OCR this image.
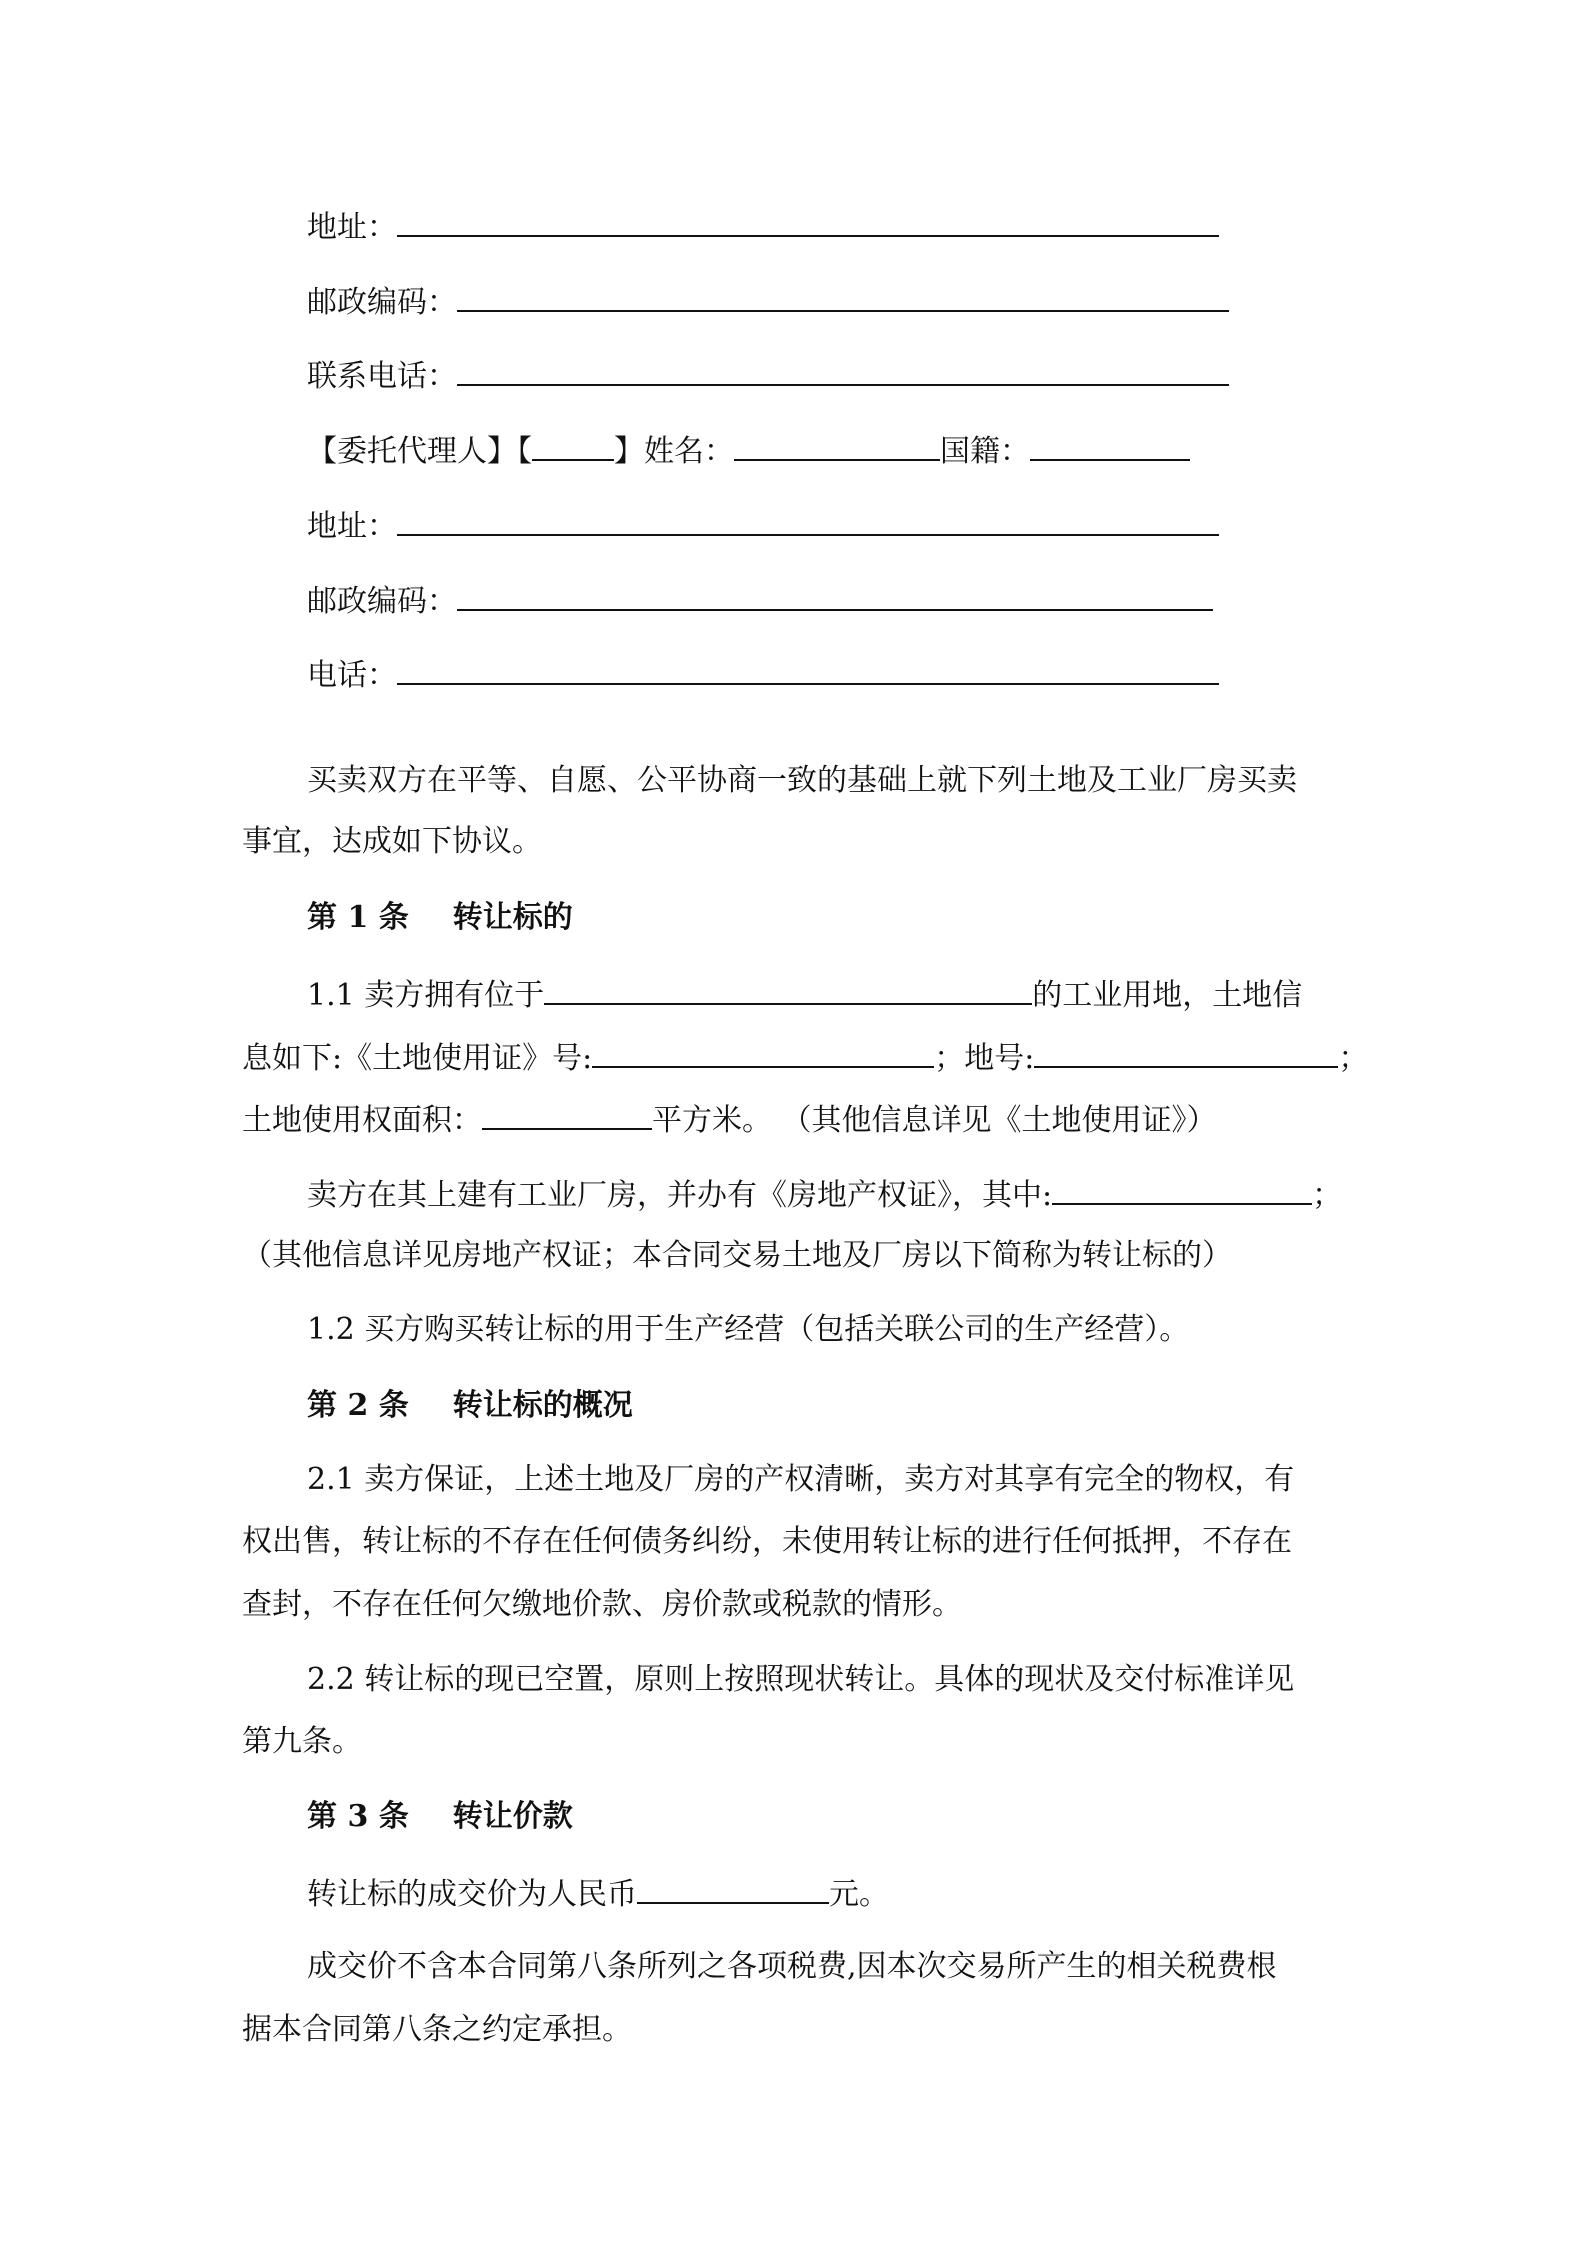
地址：
邮政编码：
联系电话：
【委托代理人】【	】姓名：	国籍：
地址：
邮政编码：
电话：
买卖双方在平等、自愿、公平协商一致的基础上就下列土地及工业厂房买卖
事宜，达成如下协议。
第 1 条 转让标的
1.1 卖方拥有位于	的工业用地，土地信
息如下:《土地使用证》号:	；地号:	；
土地使用权面积：	平方米。 （其他信息详见《土地使用证》）
卖方在其上建有工业厂房，并办有《房地产权证》，其中:	；
（其他信息详见房地产权证；本合同交易土地及厂房以下简称为转让标的）
1.2 买方购买转让标的用于生产经营（包括关联公司的生产经营）。
第 2 条 转让标的概况
2.1 卖方保证，上述土地及厂房的产权清晰，卖方对其享有完全的物权，有
权出售，转让标的不存在任何债务纠纷，未使用转让标的进行任何抵押，不存在
查封，不存在任何欠缴地价款、房价款或税款的情形。
2.2 转让标的现已空置，原则上按照现状转让。具体的现状及交付标准详见
第九条。
第 3 条 转让价款
转让标的成交价为人民币	元。
成交价不含本合同第八条所列之各项税费,因本次交易所产生的相关税费根
据本合同第八条之约定承担。
